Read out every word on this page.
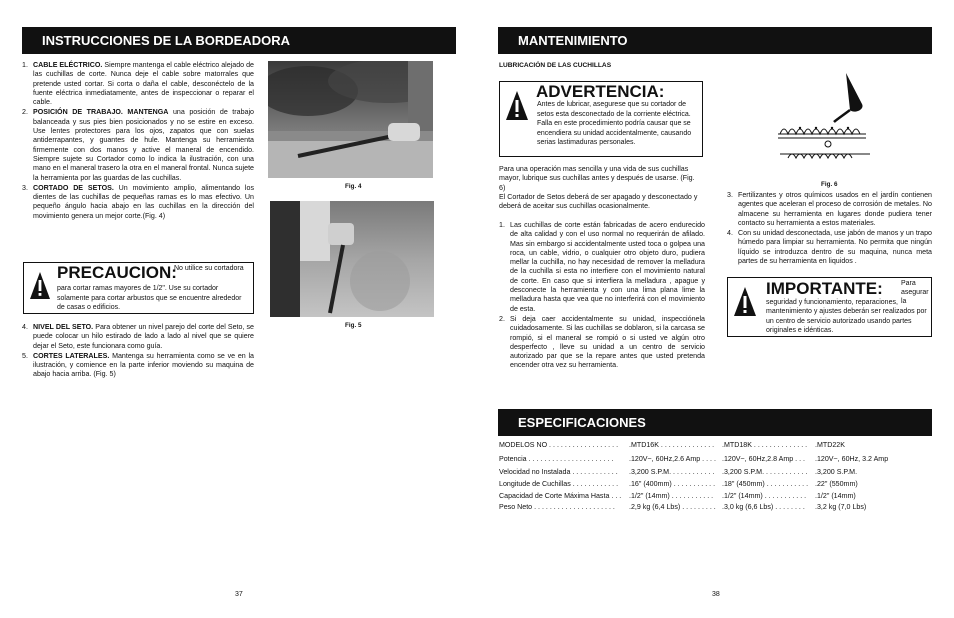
INSTRUCCIONES DE LA BORDEADORA
1. CABLE ELÉCTRICO. Siempre mantenga el cable eléctrico alejado de las cuchillas de corte. Nunca deje el cable sobre matorrales que pretende usted cortar. Si corta o daña el cable, desconéctelo de la fuente eléctrica inmediatamente, antes de inspeccionar o reparar el cable.
2. POSICIÓN DE TRABAJO. MANTENGA una posición de trabajo balanceada y sus pies bien posicionados y no se estire en exceso. Use lentes protectores para los ojos, zapatos que con suelas antiderrapantes, y guantes de hule. Mantenga su herramienta firmemente con dos manos y active el maneral de encendido. Siempre sujete su Cortador como lo indica la ilustración, con una mano en el maneral trasero la otra en el maneral frontal. Nunca sujete la herramienta por las guardas de las cuchillas.
3. CORTADO DE SETOS. Un movimiento amplio, alimentando los dientes de las cuchillas de pequeñas ramas es lo mas efectivo. Un pequeño ángulo hacia abajo en las cuchillas en la dirección del movimiento genera un mejor corte.(Fig. 4)
PRECAUCION:
No utilice su cortadora
para cortar ramas mayores de 1/2". Use su cortador solamente para cortar arbustos que se encuentre alrededor de casas o edificios.
4. NIVEL DEL SETO. Para obtener un nivel parejo del corte del Seto, se puede colocar un hilo estirado de lado a lado al nivel que se quiere dejar el Seto, este funcionara como guía.
5. CORTES LATERALES. Mantenga su herramienta como se ve en la ilustración, y comience en la parte inferior moviendo su maquina de abajo hacia arriba. (Fig. 5)
Fig. 4
Fig. 5
37
MANTENIMIENTO
LUBRICACIÓN DE LAS CUCHILLAS
ADVERTENCIA:
Antes de lubricar, asegurese que su cortador de setos esta desconectado de la corriente eléctrica. Falla en este procedimiento podría causar que se encendiera su unidad accidentalmente, causando serias lastimaduras personales.
Para una operación mas sencilla y una vida de sus cuchillas mayor, lubrique sus cuchillas antes y después de usarse. (Fig. 6)
El Cortador de Setos deberá de ser apagado y desconectado y deberá de aceitar sus cuchillas ocasionalmente.
1. Las cuchillas de corte están fabricadas de acero endurecido de alta calidad y con el uso normal no requerirán de afilado. Mas sin embargo si accidentalmente usted toca o golpea una roca, un cable, vidrio, o cualquier otro objeto duro, pudiera mellar la cuchilla, no hay necesidad de remover la melladura de la cuchilla si esta no interfiere con el movimiento natural de corte. En caso que si interfiera la melladura , apague y desconecte la herramienta y con una lima plana lime la melladura hasta que vea que no interferirá con el movimiento de esta.
2. Si deja caer accidentalmente su unidad, inspecciónela cuidadosamente. Si las cuchillas se doblaron, si la carcasa se rompió, si el maneral se rompió o si usted ve algún otro desperfecto , lleve su unidad a un centro de servicio autorizado par que se la repare antes que usted pretenda encender otra vez su herramienta.
Fig. 6
3. Fertilizantes y otros químicos usados en el jardín contienen agentes que aceleran el proceso de corrosión de metales. No almacene su herramienta en lugares donde pudiera tener contacto su herramienta a estos materiales.
4. Con su unidad desconectada, use jabón de manos y un trapo húmedo para limpiar su herramienta. No permita que ningún líquido se introduzca dentro de su maquina, nunca meta partes de su herramienta en liquidos .
IMPORTANTE:	Para asegurar la
seguridad y funcionamiento, reparaciones, mantenimiento y ajustes deberán ser realizados por un centro de servicio autorizado usando partes originales e idénticas.
ESPECIFICACIONES
MODELOS NO . . . . . . . . . . . . . . . . . . .MTD16K . . . . . . . . . . . . . . .MTD18K . . . . . . . . . . . . . . .MTD22K
Potencia . . . . . . . . . . . . . . . . . . . . . . .120V~, 60Hz,2.6 Amp . . . . .120V~, 60Hz,2.8 Amp . . . .120V~, 60Hz, 3.2 Amp
Velocidad no Instalada . . . . . . . . . . . . .3,200 S.P.M. . . . . . . . . . . . .3,200 S.P.M. . . . . . . . . . . . .3,200 S.P.M.
Longitude de Cuchillas . . . . . . . . . . . . .16" (400mm) . . . . . . . . . . . .18" (450mm) . . . . . . . . . . . .22" (550mm)
Capacidad de Corte Máxima Hasta . . . .1/2" (14mm) . . . . . . . . . . . .1/2" (14mm) . . . . . . . . . . . .1/2" (14mm)
Peso Neto . . . . . . . . . . . . . . . . . . . . . .2,9 kg (6,4 Lbs) . . . . . . . . . .3,0 kg (6,6 Lbs) . . . . . . . . .3,2 kg (7,0 Lbs)
38
